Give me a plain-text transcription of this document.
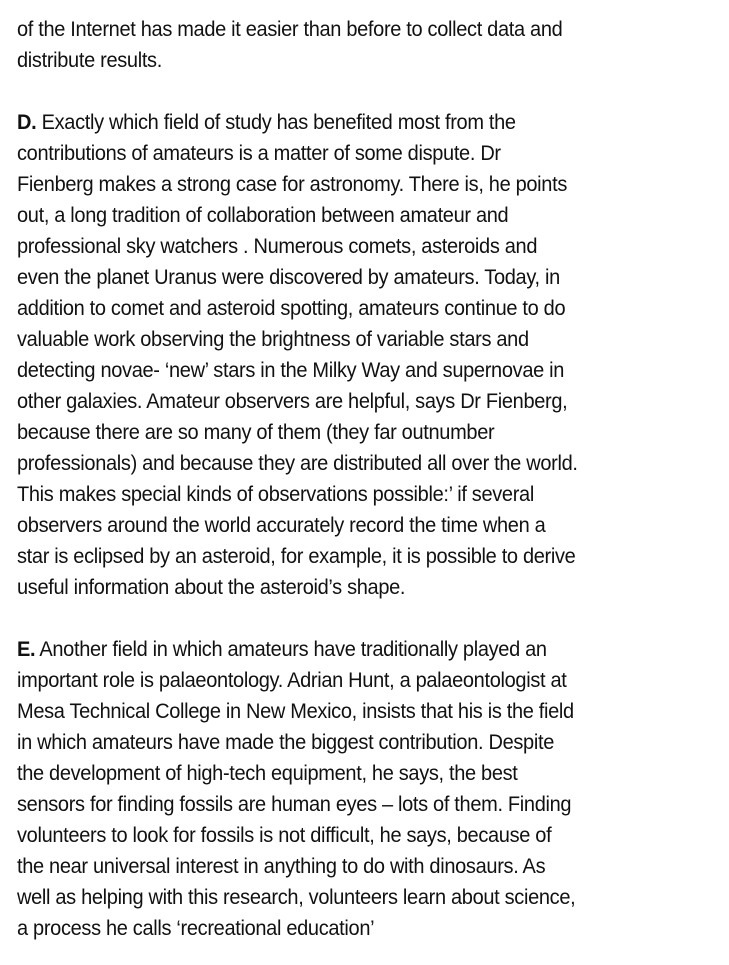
of the Internet has made it easier than before to collect data and
distribute results.
D. Exactly which field of study has benefited most from the
contributions of amateurs is a matter of some dispute. Dr
Fienberg makes a strong case for astronomy. There is, he points
out, a long tradition of collaboration between amateur and
professional sky watchers . Numerous comets, asteroids and
even the planet Uranus were discovered by amateurs. Today, in
addition to comet and asteroid spotting, amateurs continue to do
valuable work observing the brightness of variable stars and
detecting novae- ‘new’ stars in the Milky Way and supernovae in
other galaxies. Amateur observers are helpful, says Dr Fienberg,
because there are so many of them (they far outnumber
professionals) and because they are distributed all over the world.
This makes special kinds of observations possible:’ if several
observers around the world accurately record the time when a
star is eclipsed by an asteroid, for example, it is possible to derive
useful information about the asteroid’s shape.
E. Another field in which amateurs have traditionally played an
important role is palaeontology. Adrian Hunt, a palaeontologist at
Mesa Technical College in New Mexico, insists that his is the field
in which amateurs have made the biggest contribution. Despite
the development of high-tech equipment, he says, the best
sensors for finding fossils are human eyes – lots of them. Finding
volunteers to look for fossils is not difficult, he says, because of
the near universal interest in anything to do with dinosaurs. As
well as helping with this research, volunteers learn about science,
a process he calls ‘recreational education’
